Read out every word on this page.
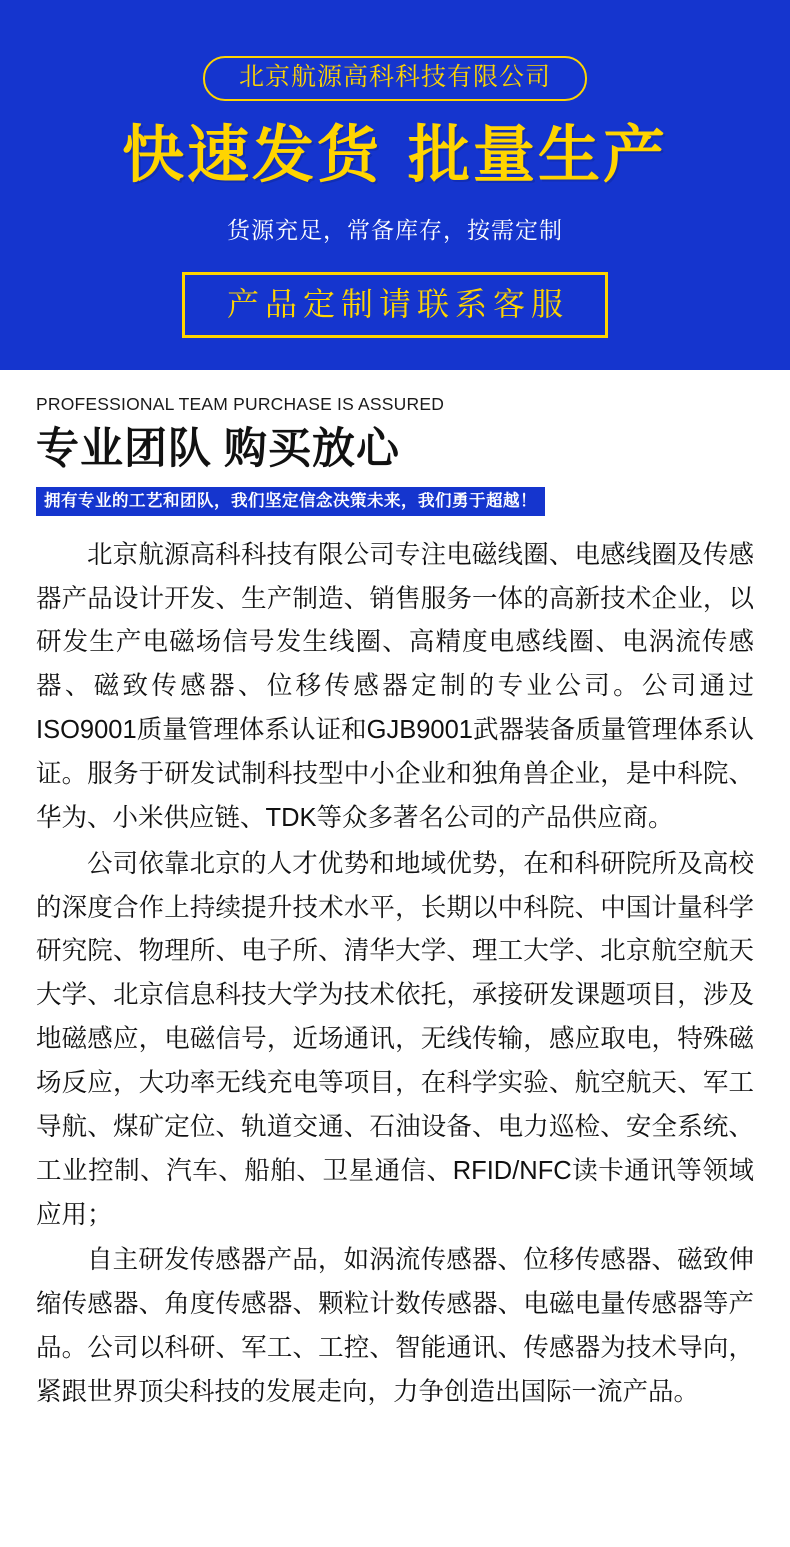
北京航源高科科技有限公司
快速发货 批量生产
货源充足，常备库存，按需定制
产品定制请联系客服
PROFESSIONAL TEAM PURCHASE IS ASSURED
专业团队 购买放心
拥有专业的工艺和团队，我们坚定信念决策未来，我们勇于超越！

北京航源高科科技有限公司专注电磁线圈、电感线圈及传感器产品设计开发、生产制造、销售服务一体的高新技术企业，以研发生产电磁场信号发生线圈、高精度电感线圈、电涡流传感器、磁致传感器、位移传感器定制的专业公司。公司通过ISO9001质量管理体系认证和GJB9001武器装备质量管理体系认证。服务于研发试制科技型中小企业和独角兽企业，是中科院、华为、小米供应链、TDK等众多著名公司的产品供应商。

公司依靠北京的人才优势和地域优势，在和科研院所及高校的深度合作上持续提升技术水平，长期以中科院、中国计量科学研究院、物理所、电子所、清华大学、理工大学、北京航空航天大学、北京信息科技大学为技术依托，承接研发课题项目，涉及地磁感应，电磁信号，近场通讯，无线传输，感应取电，特殊磁场反应，大功率无线充电等项目，在科学实验、航空航天、军工导航、煤矿定位、轨道交通、石油设备、电力巡检、安全系统、工业控制、汽车、船舶、卫星通信、RFID/NFC读卡通讯等领域应用；

自主研发传感器产品，如涡流传感器、位移传感器、磁致伸缩传感器、角度传感器、颗粒计数传感器、电磁电量传感器等产品。公司以科研、军工、工控、智能通讯、传感器为技术导向，紧跟世界顶尖科技的发展走向，力争创造出国际一流产品。
